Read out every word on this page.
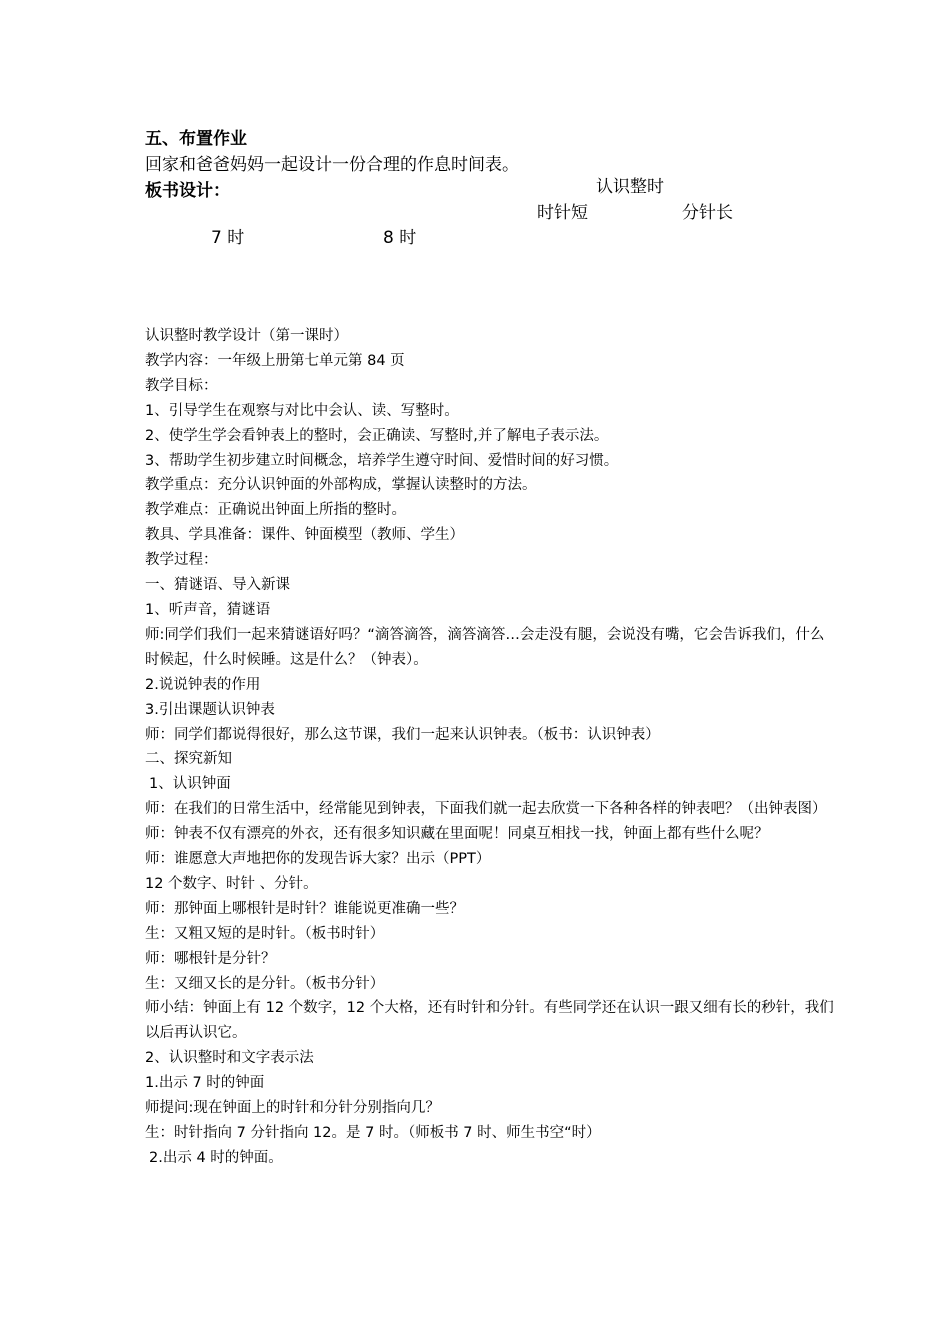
五、布置作业
回家和爸爸妈妈一起设计一份合理的作息时间表。
板书设计：	认识整时
时针短	分针长
7 时	8 时

认识整时教学设计（第一课时）

教学内容：一年级上册第七单元第 84 页

教学目标：

1、引导学生在观察与对比中会认、读、写整时。

2、使学生学会看钟表上的整时，会正确读、写整时,并了解电子表示法。

3、帮助学生初步建立时间概念，培养学生遵守时间、爱惜时间的好习惯。

教学重点：充分认识钟面的外部构成，掌握认读整时的方法。

教学难点：正确说出钟面上所指的整时。

教具、学具准备：课件、钟面模型（教师、学生）

教学过程：

一、猜谜语、导入新课

1、听声音，猜谜语

师:同学们我们一起来猜谜语好吗？“滴答滴答，滴答滴答…会走没有腿，会说没有嘴，它会告诉我们，什么时候起，什么时候睡。这是什么？（钟表）。

2.说说钟表的作用

3.引出课题认识钟表

师：同学们都说得很好，那么这节课，我们一起来认识钟表。（板书：认识钟表）

二、探究新知

1、认识钟面

师：在我们的日常生活中，经常能见到钟表，下面我们就一起去欣赏一下各种各样的钟表吧？（出钟表图）

师：钟表不仅有漂亮的外衣，还有很多知识藏在里面呢！同桌互相找一找，钟面上都有些什么呢？

师：谁愿意大声地把你的发现告诉大家？出示（PPT）

12 个数字、时针 、分针。

师：那钟面上哪根针是时针？谁能说更准确一些？

生：又粗又短的是时针。（板书时针）

师：哪根针是分针？

生：又细又长的是分针。（板书分针）

师小结：钟面上有 12 个数字，12 个大格，还有时针和分针。有些同学还在认识一跟又细有长的秒针，我们以后再认识它。

2、认识整时和文字表示法

1.出示 7 时的钟面

师提问:现在钟面上的时针和分针分别指向几？

生：时针指向 7 分针指向 12。是 7 时。（师板书 7 时、师生书空“时）

2.出示 4 时的钟面。
